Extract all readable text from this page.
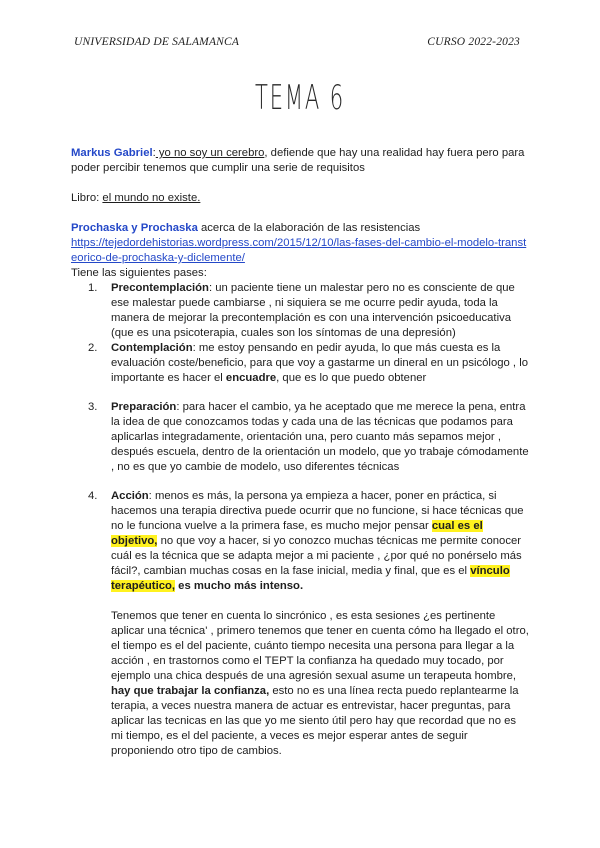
UNIVERSIDAD DE SALAMANCA	CURSO 2022-2023
TEMA 6

Markus Gabriel: yo no soy un cerebro, defiende que hay una realidad hay fuera pero para poder percibir tenemos que cumplir una serie de requisitos

Libro: el mundo no existe.

Prochaska y Prochaska acerca de la elaboración de las resistencias

https://tejedordehistorias.wordpress.com/2015/12/10/las-fases-del-cambio-el-modelo-transteorico-de-prochaska-y-diclemente/

Tiene las siguientes pases:

1. Precontemplación: un paciente tiene un malestar pero no es consciente de que ese malestar puede cambiarse , ni siquiera se me ocurre pedir ayuda, toda la manera de mejorar la precontemplación es con una intervención psicoeducativa (que es una psicoterapia, cuales son los síntomas de una depresión)
2. Contemplación: me estoy pensando en pedir ayuda, lo que más cuesta es la evaluación coste/beneficio, para que voy a gastarme un dineral en un psicólogo , lo importante es hacer el encuadre, que es lo que puedo obtener
3. Preparación: para hacer el cambio, ya he aceptado que me merece la pena, entra la idea de que conozcamos todas y cada una de las técnicas que podamos para aplicarlas integradamente, orientación una, pero cuanto más sepamos mejor , después escuela, dentro de la orientación un modelo, que yo trabaje cómodamente , no es que yo cambie de modelo, uso diferentes técnicas
4. Acción: menos es más, la persona ya empieza a hacer, poner en práctica, si hacemos una terapia directiva puede ocurrir que no funcione, si hace técnicas que no le funciona vuelve a la primera fase, es mucho mejor pensar cual es el objetivo, no que voy a hacer, si yo conozco muchas técnicas me permite conocer cuál es la técnica que se adapta mejor a mi paciente , ¿por qué no ponérselo más fácil?, cambian muchas cosas en la fase inicial, media y final, que es el vínculo terapéutico, es mucho más intenso.
Tenemos que tener en cuenta lo sincrónico , es esta sesiones ¿es pertinente aplicar una técnica' , primero tenemos que tener en cuenta cómo ha llegado el otro, el tiempo es el del paciente, cuánto tiempo necesita una persona para llegar a la acción , en trastornos como el TEPT la confianza ha quedado muy tocado, por ejemplo una chica después de una agresión sexual asume un terapeuta hombre, hay que trabajar la confianza, esto no es una línea recta puedo replantearme la terapia, a veces nuestra manera de actuar es entrevistar, hacer preguntas, para aplicar las tecnicas en las que yo me siento útil pero hay que recordad que no es mi tiempo, es el del paciente, a veces es mejor esperar antes de seguir proponiendo otro tipo de cambios.
